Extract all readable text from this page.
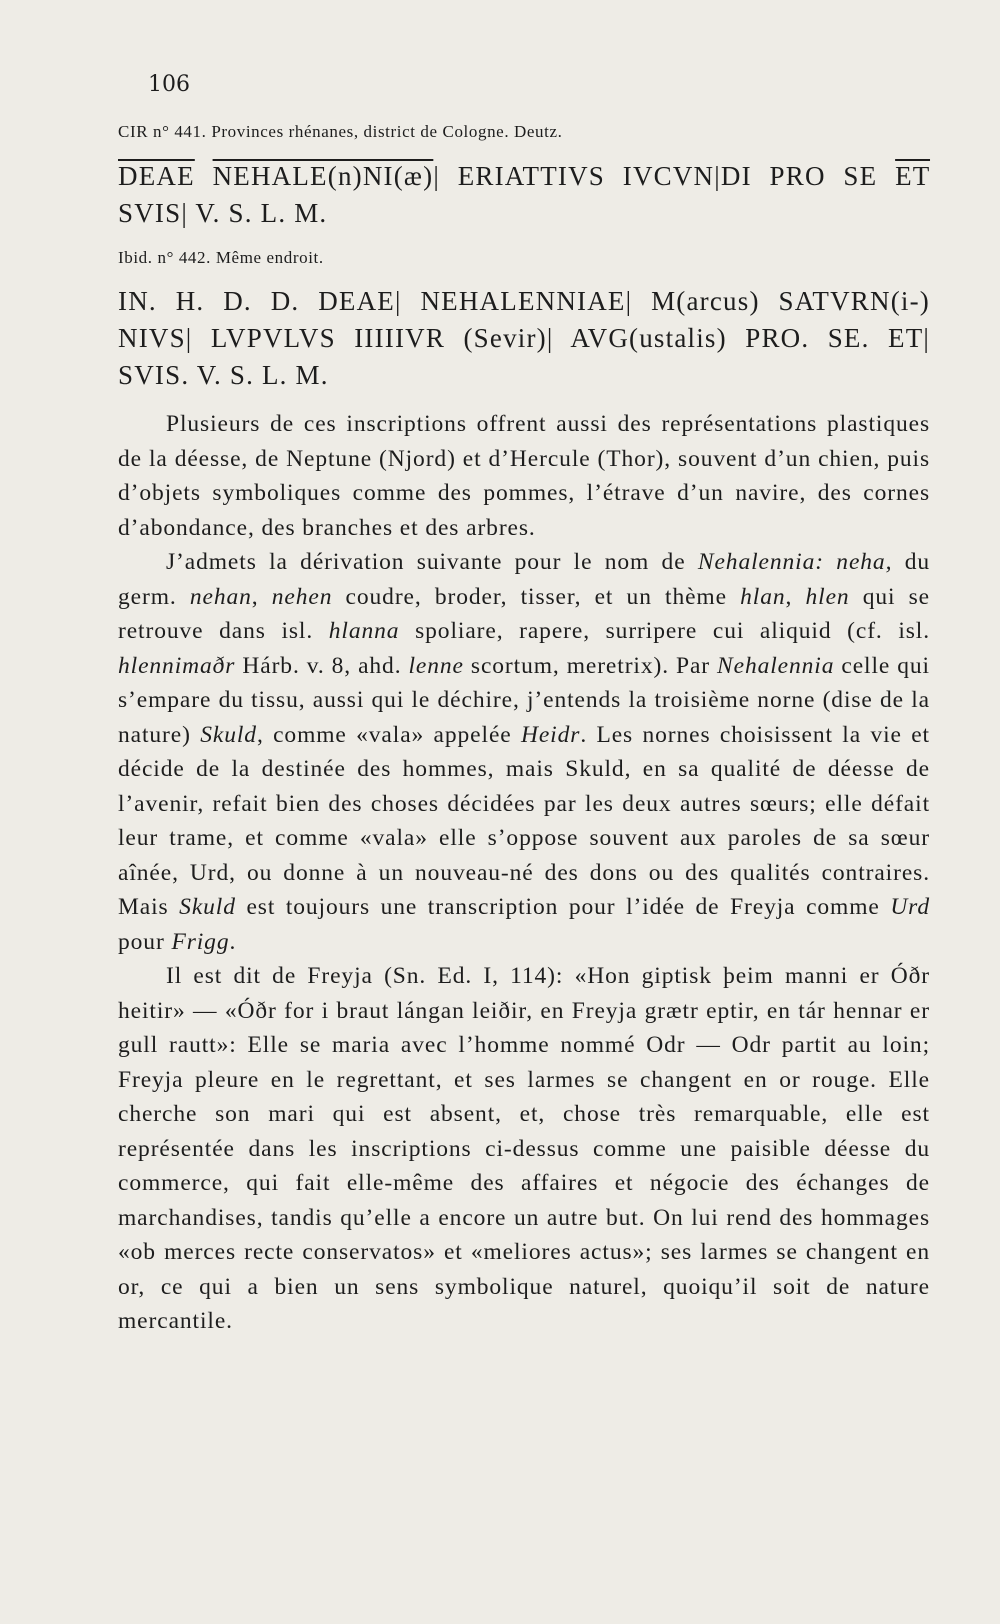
106

CIR n° 441. Provinces rhénanes, district de Cologne. Deutz.

DEAE NEHALE(n)NI(æ)| ERIATTIVS IVCVN|DI PRO SE $\overline{ET}$ SVIS| V. S. L. M.

Ibid. n° 442. Même endroit.

IN. H. D. D. DEAE| NEHALENNIAE| M(arcus) SATVRN(i-) NIVS| LVPVLVS IIIIIVR (Sevir)| AVG(ustalis) PRO. SE. ET| SVIS. V. S. L. M.

Plusieurs de ces inscriptions offrent aussi des représentations plastiques de la déesse, de Neptune (Njord) et d’Hercule (Thor), souvent d’un chien, puis d’objets symboliques comme des pommes, l’étrave d’un navire, des cornes d’abondance, des branches et des arbres.

J’admets la dérivation suivante pour le nom de Nehalennia: neha, du germ. nehan, nehen coudre, broder, tisser, et un thème hlan, hlen qui se retrouve dans isl. hlanna spoliare, rapere, surripere cui aliquid (cf. isl. hlennimaðr Hárb. v. 8, ahd. lenne scortum, meretrix). Par Nehalennia celle qui s’empare du tissu, aussi qui le déchire, j’entends la troisième norne (dise de la nature) Skuld, comme «vala» appelée Heidr. Les nornes choisissent la vie et décide de la destinée des hommes, mais Skuld, en sa qualité de déesse de l’avenir, refait bien des choses décidées par les deux autres sœurs; elle défait leur trame, et comme «vala» elle s’oppose souvent aux paroles de sa sœur aînée, Urd, ou donne à un nouveau-né des dons ou des qualités contraires. Mais Skuld est toujours une transcription pour l’idée de Freyja comme Urd pour Frigg.

Il est dit de Freyja (Sn. Ed. I, 114): «Hon giptisk þeim manni er Óðr heitir» — «Óðr for i braut lángan leiðir, en Freyja grætr eptir, en tár hennar er gull rautt»: Elle se maria avec l’homme nommé Odr — Odr partit au loin; Freyja pleure en le regrettant, et ses larmes se changent en or rouge. Elle cherche son mari qui est absent, et, chose très remarquable, elle est représentée dans les inscriptions ci-dessus comme une paisible déesse du commerce, qui fait elle-même des affaires et négocie des échanges de marchandises, tandis qu’elle a encore un autre but. On lui rend des hommages «ob merces recte conservatos» et «meliores actus»; ses larmes se changent en or, ce qui a bien un sens symbolique naturel, quoiqu’il soit de nature mercantile.
